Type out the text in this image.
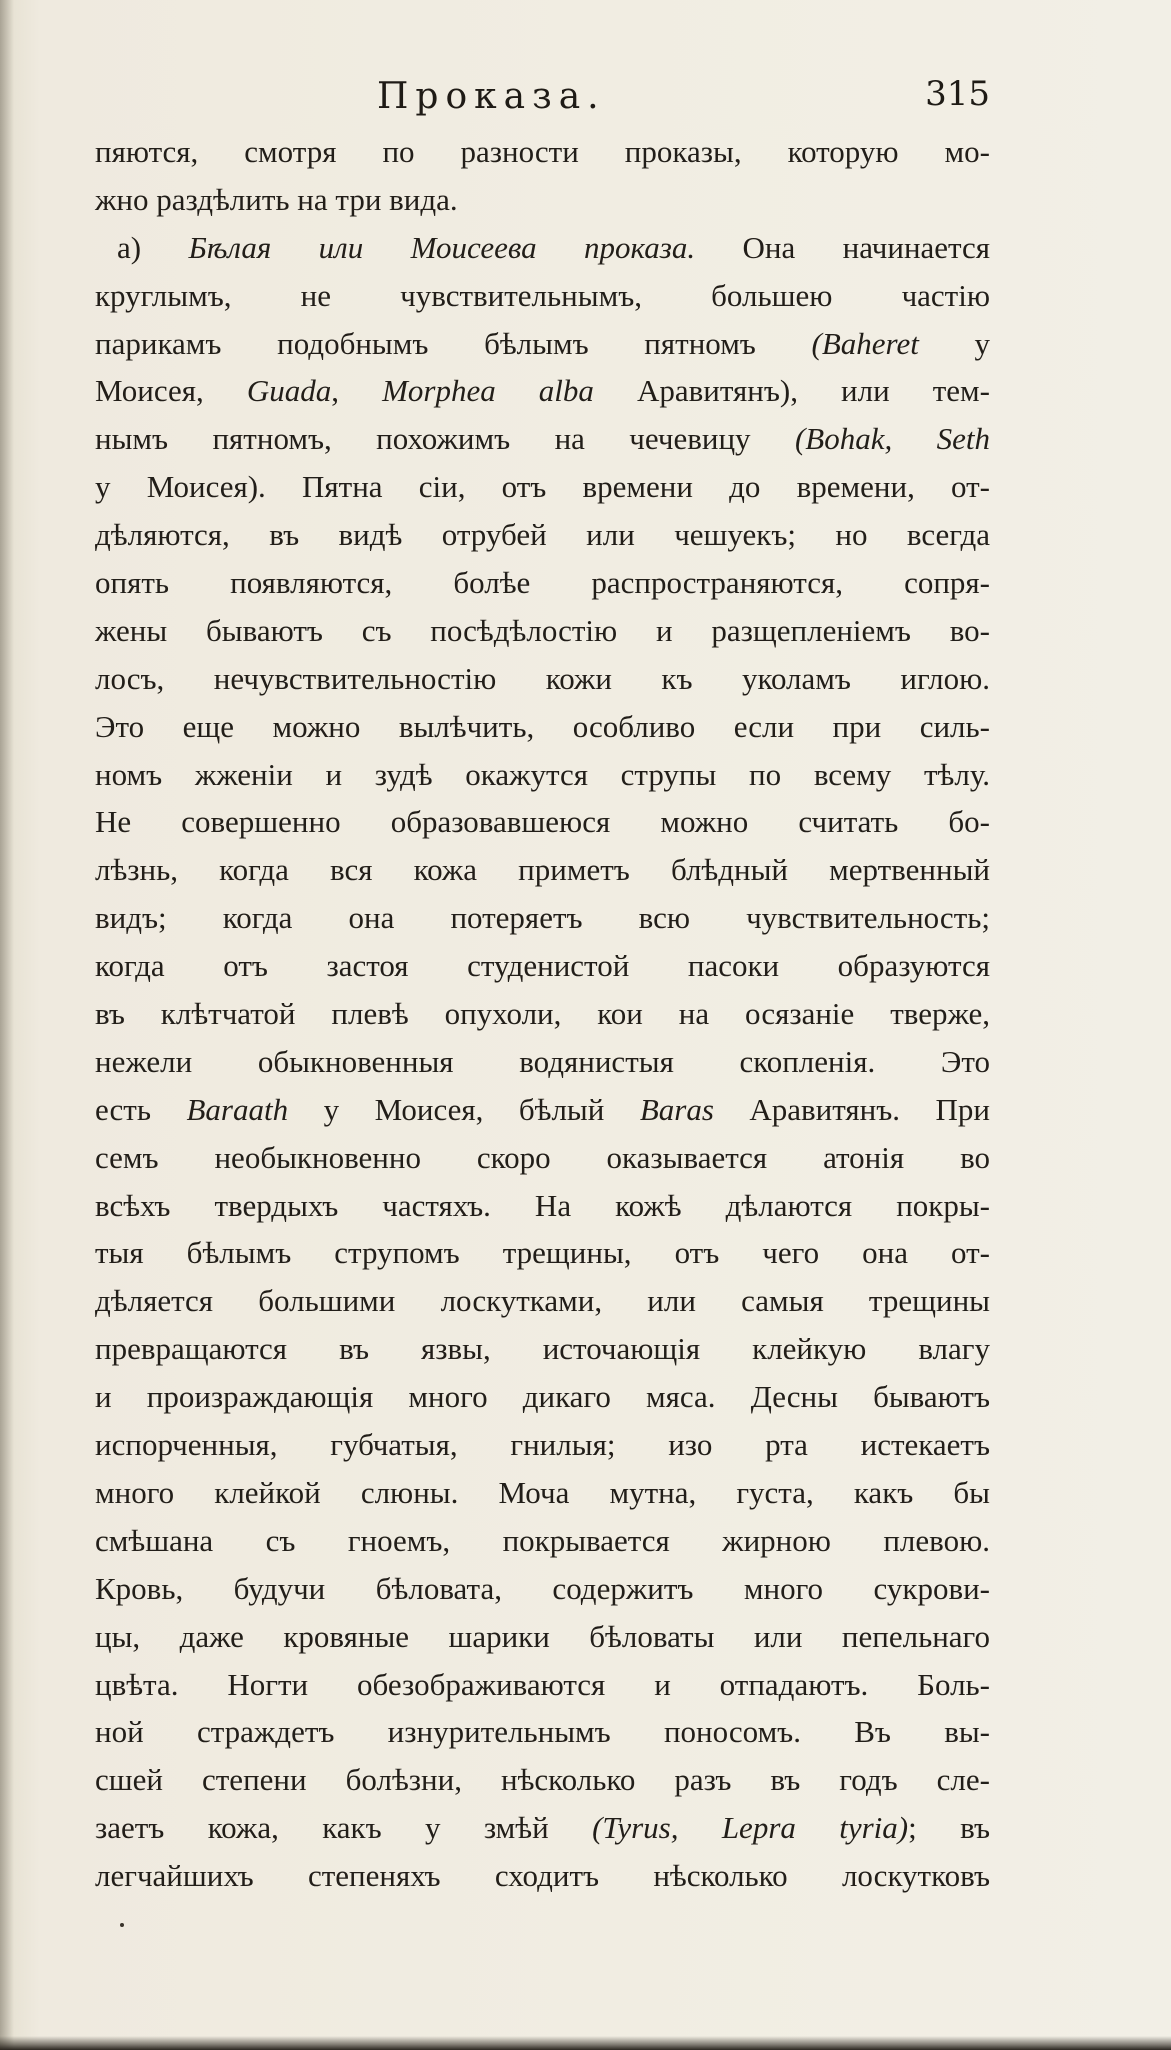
Проказа.	315
пяются, смотря по разности проказы, которую мо-
жно раздѣлить на три вида.
а) Бѣлая или Моисеева проказа. Она начинается
круглымъ, не чувствительнымъ, большею частію
парикамъ подобнымъ бѣлымъ пятномъ (Baheret у
Моисея, Guada, Morphea alba Аравитянъ), или тем-
нымъ пятномъ, похожимъ на чечевицу (Bohak, Seth
у Моисея). Пятна сіи, отъ времени до времени, от-
дѣляются, въ видѣ отрубей или чешуекъ; но всегда
опять появляются, болѣе распространяются, сопря-
жены бываютъ съ посѣдѣлостію и разщепленіемъ во-
лосъ, нечувствительностію кожи къ уколамъ иглою.
Это еще можно вылѣчить, особливо если при силь-
номъ жженіи и зудѣ окажутся струпы по всему тѣлу.
Не совершенно образовавшеюся можно считать бо-
лѣзнь, когда вся кожа приметъ блѣдный мертвенный
видъ; когда она потеряетъ всю чувствительность;
когда отъ застоя студенистой пасоки образуются
въ клѣтчатой плевѣ опухоли, кои на осязаніе тверже,
нежели обыкновенныя водянистыя скопленія. Это
есть Baraath у Моисея, бѣлый Baras Аравитянъ. При
семъ необыкновенно скоро оказывается атонія во
всѣхъ твердыхъ частяхъ. На кожѣ дѣлаются покры-
тыя бѣлымъ струпомъ трещины, отъ чего она от-
дѣляется большими лоскутками, или самыя трещины
превращаются въ язвы, источающія клейкую влагу
и произраждающія много дикаго мяса. Десны бываютъ
испорченныя, губчатыя, гнилыя; изо рта истекаетъ
много клейкой слюны. Моча мутна, густа, какъ бы
смѣшана съ гноемъ, покрывается жирною плевою.
Кровь, будучи бѣловата, содержитъ много сукрови-
цы, даже кровяные шарики бѣловаты или пепельнаго
цвѣта. Ногти обезображиваются и отпадаютъ. Боль-
ной страждетъ изнурительнымъ поносомъ. Въ вы-
сшей степени болѣзни, нѣсколько разъ въ годъ сле-
заетъ кожа, какъ у змѣй (Tyrus, Lepra tyria); въ
легчайшихъ степеняхъ сходитъ нѣсколько лоскутковъ
